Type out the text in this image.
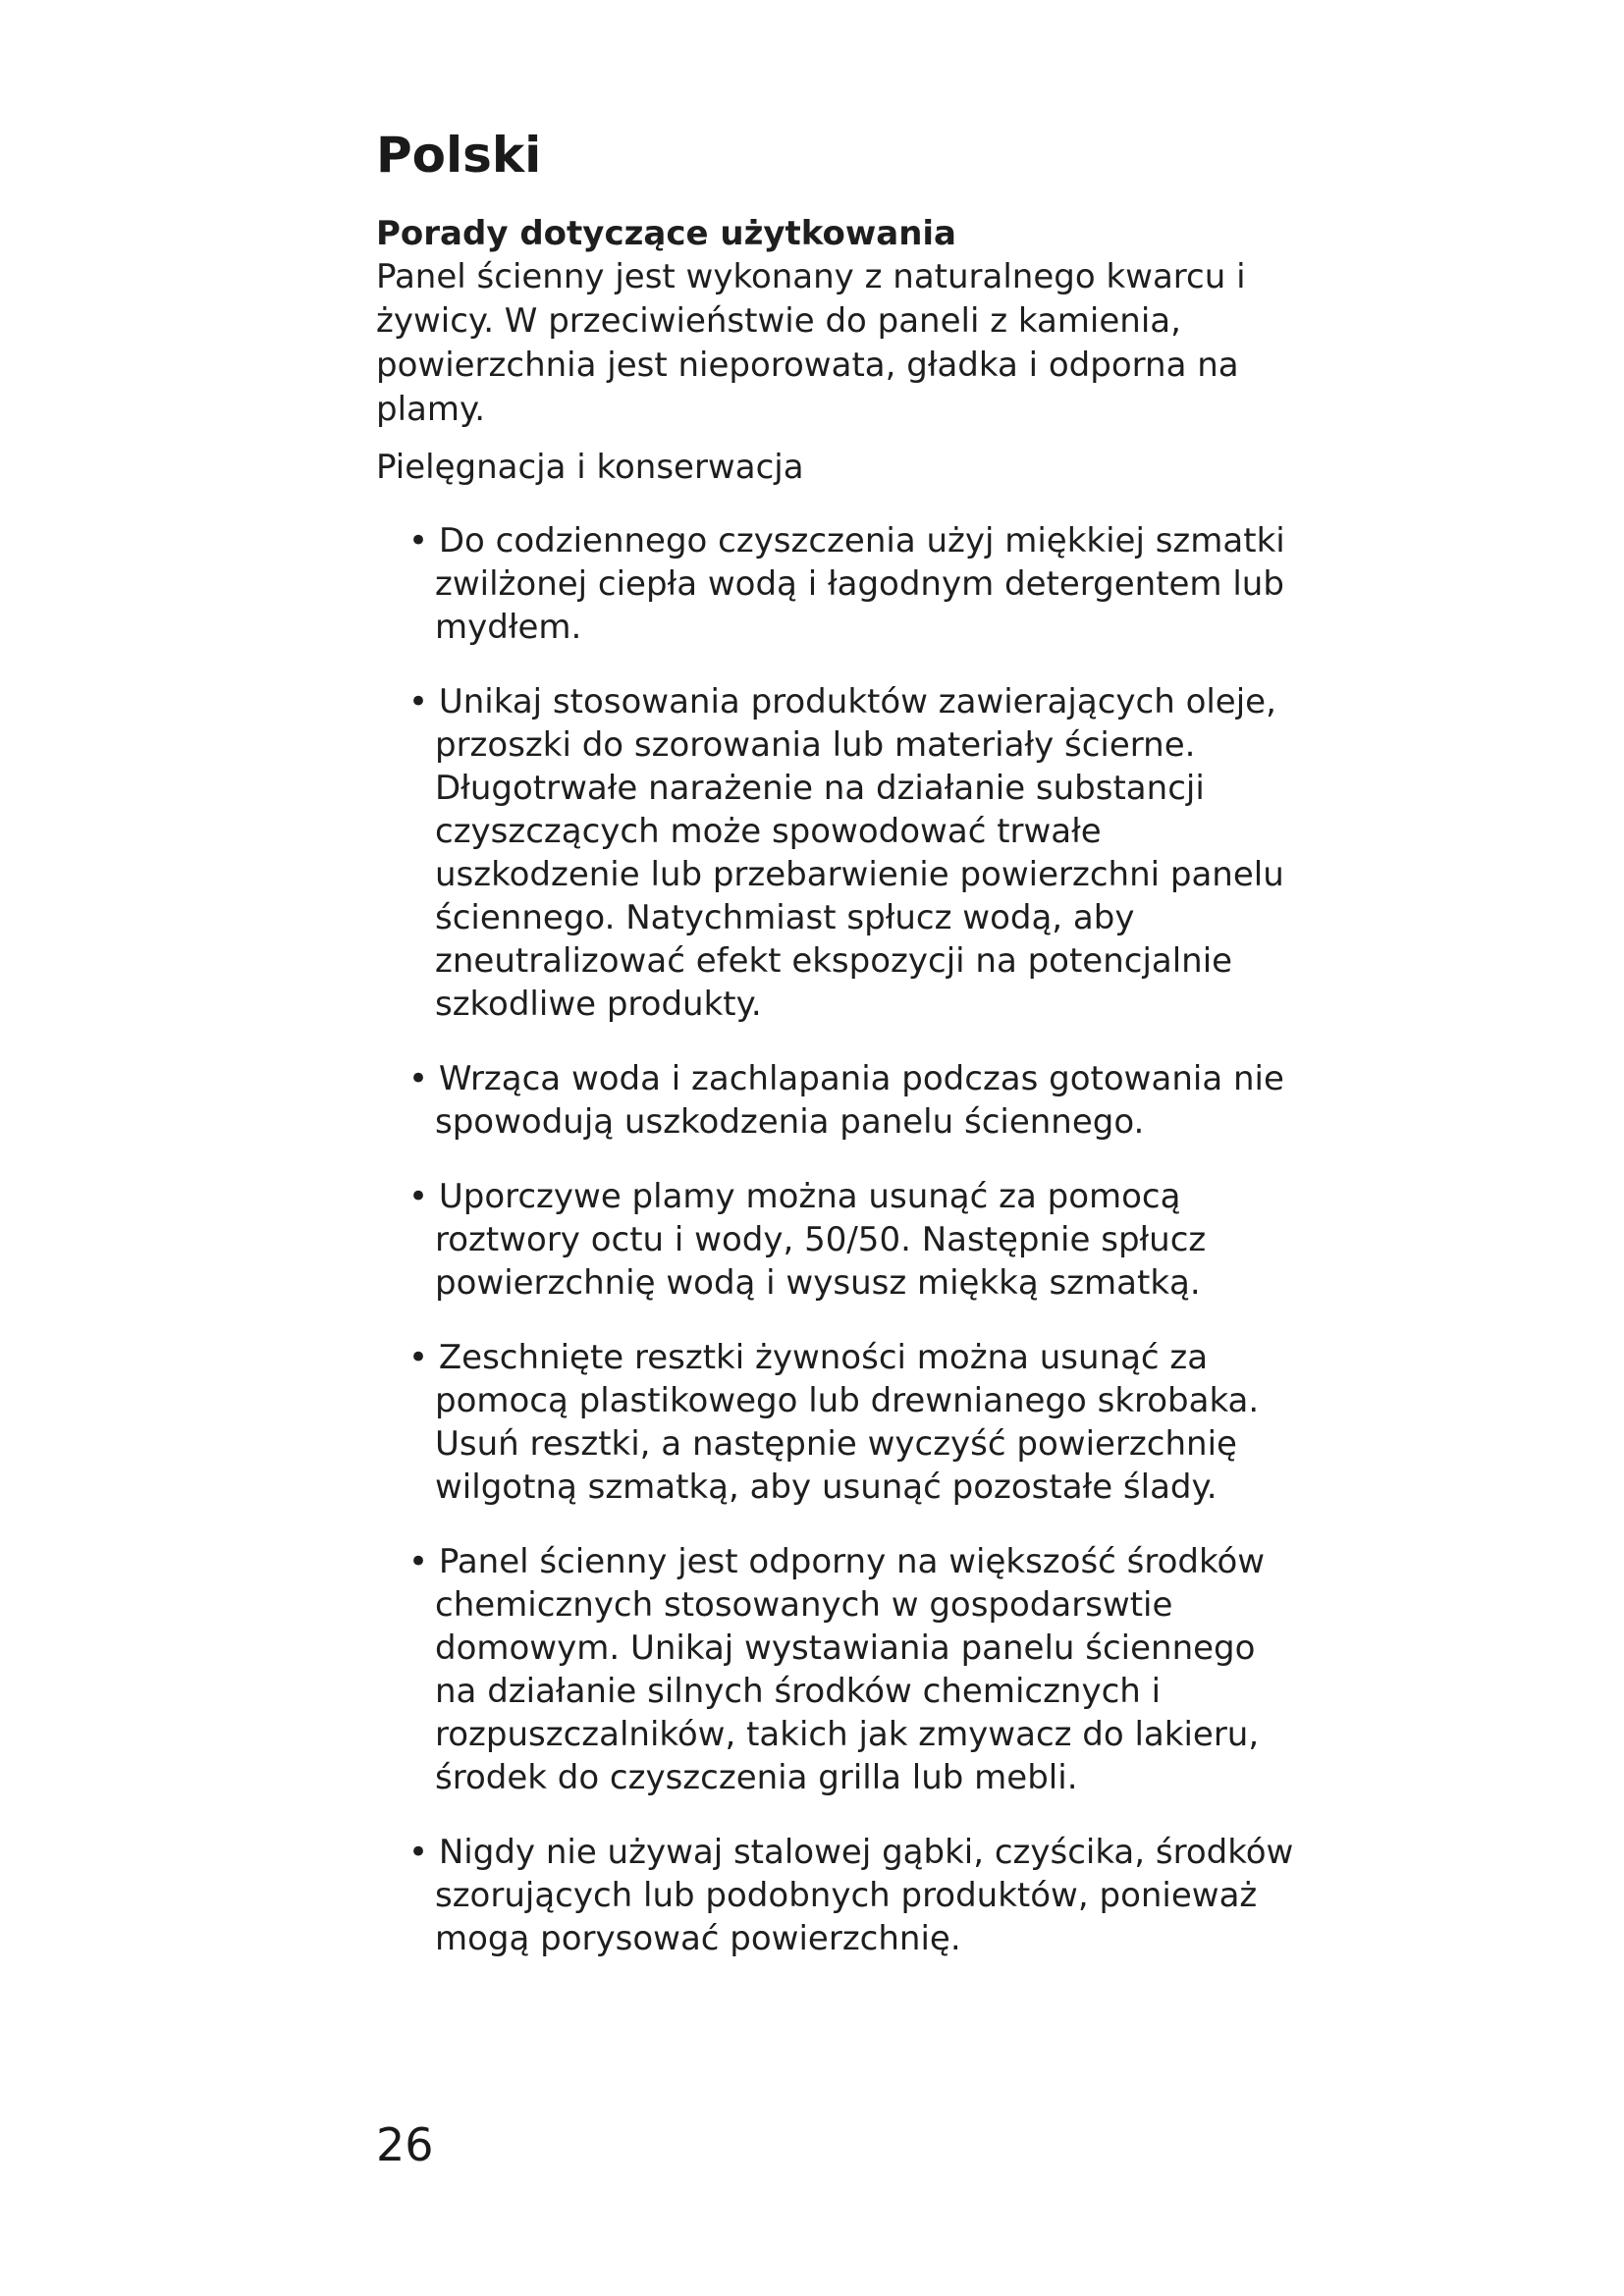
Polski
Porady dotyczące użytkowania

Panel ścienny jest wykonany z naturalnego kwarcu i żywicy. W przeciwieństwie do paneli z kamienia, powierzchnia jest nieporowata, gładka i odporna na plamy.

Pielęgnacja i konserwacja

• Do codziennego czyszczenia użyj miękkiej szmatki zwilżonej ciepła wodą i łagodnym detergentem lub mydłem.
• Unikaj stosowania produktów zawierających oleje, przoszki do szorowania lub materiały ścierne. Długotrwałe narażenie na działanie substancji czyszczących może spowodować trwałe uszkodzenie lub przebarwienie powierzchni panelu ściennego. Natychmiast spłucz wodą, aby zneutralizować efekt ekspozycji na potencjalnie szkodliwe produkty.
• Wrząca woda i zachlapania podczas gotowania nie spowodują uszkodzenia panelu ściennego.
• Uporczywe plamy można usunąć za pomocą roztwory octu i wody, 50/50. Następnie spłucz powierzchnię wodą i wysusz miękką szmatką.
• Zeschnięte resztki żywności można usunąć za pomocą plastikowego lub drewnianego skrobaka. Usuń resztki, a następnie wyczyść powierzchnię wilgotną szmatką, aby usunąć pozostałe ślady.
• Panel ścienny jest odporny na większość środków chemicznych stosowanych w gospodarswtie domowym. Unikaj wystawiania panelu ściennego na działanie silnych środków chemicznych i rozpuszczalników, takich jak zmywacz do lakieru, środek do czyszczenia grilla lub mebli.
• Nigdy nie używaj stalowej gąbki, czyścika, środków szorujących lub podobnych produktów, ponieważ mogą porysować powierzchnię.
26
